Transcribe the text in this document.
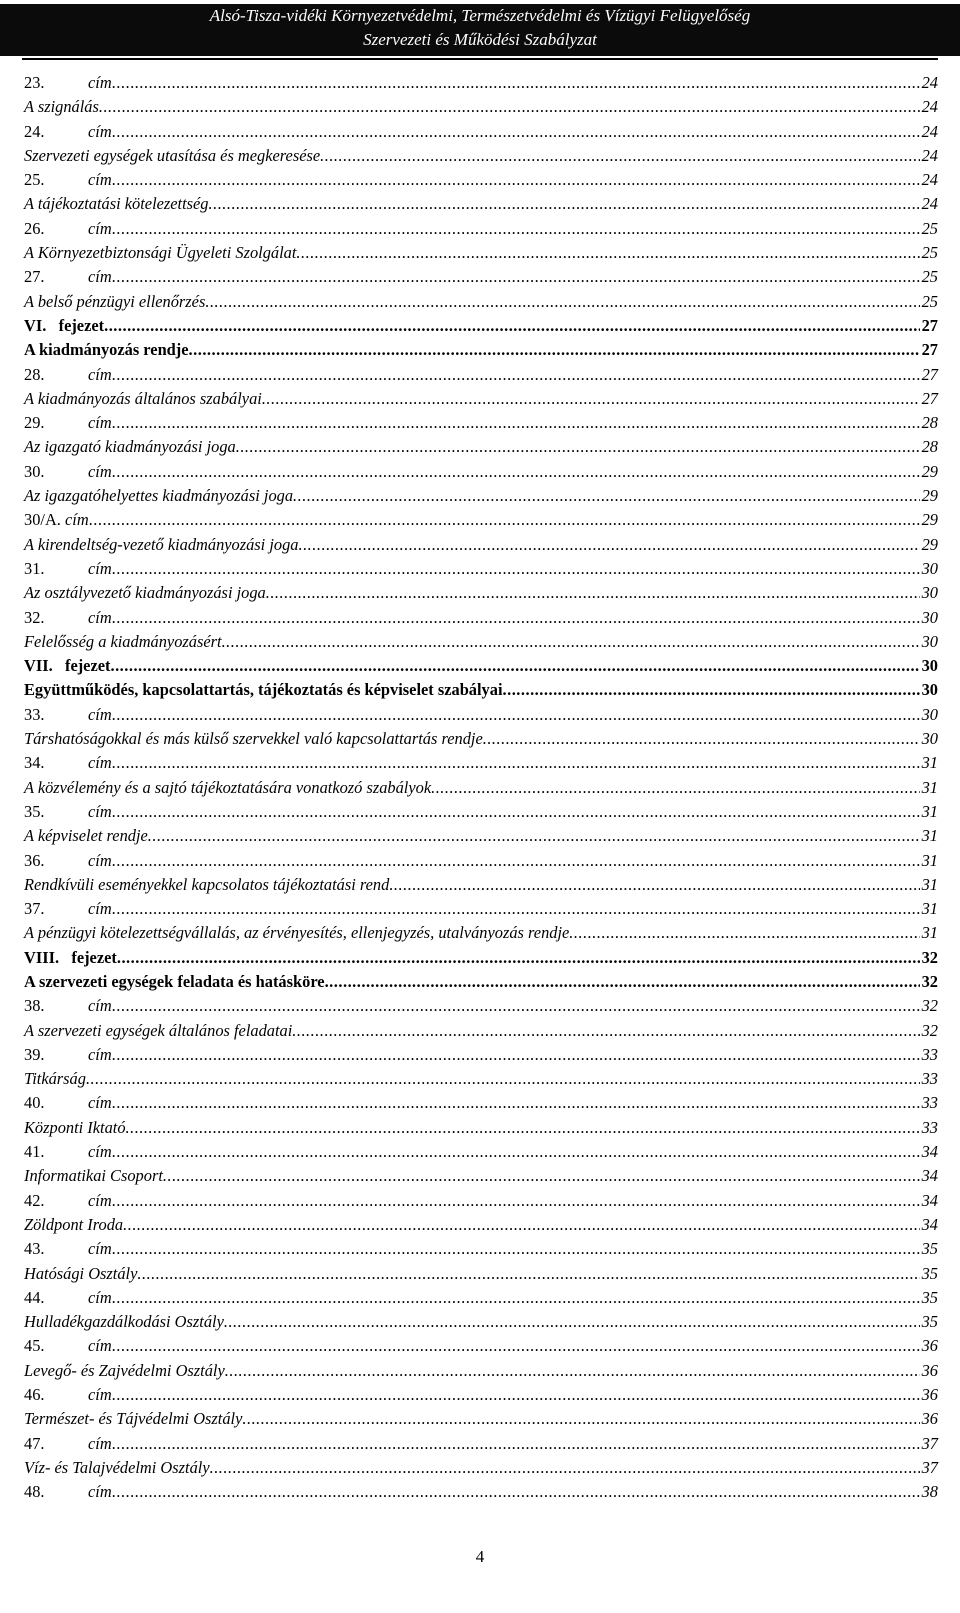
Alsó-Tisza-vidéki Környezetvédelmi, Természetvédelmi és Vízügyi Felügyelőség
Szervezeti és Működési Szabályzat
23.	cím .....	24
A szignálás .....	24
24.	cím .....	24
Szervezeti egységek utasítása és megkeresése .....	24
25.	cím .....	24
A tájékoztatási kötelezettség .....	24
26.	cím .....	25
A Környezetbiztonsági Ügyeleti Szolgálat .....	25
27.	cím .....	25
A belső pénzügyi ellenőrzés .....	25
VI.   fejezet .....	27
A kiadmányozás rendje .....	27
28.	cím .....	27
A kiadmányozás általános szabályai .....	27
29.	cím .....	28
Az igazgató kiadmányozási joga .....	28
30.	cím .....	29
Az igazgatóhelyettes kiadmányozási joga .....	29
30/A. cím .....	29
A kirendeltség-vezető kiadmányozási joga .....	29
31.	cím .....	30
Az osztályvezető kiadmányozási joga .....	30
32.	cím .....	30
Felelősség a kiadmányozásért .....	30
VII.   fejezet .....	30
Együttműködés, kapcsolattartás, tájékoztatás és képviselet szabályai .....	30
33.	cím .....	30
Társhatóságokkal és más külső szervekkel való kapcsolattartás rendje .....	30
34.	cím .....	31
A közvélemény és a sajtó tájékoztatására vonatkozó szabályok .....	31
35.	cím .....	31
A képviselet rendje .....	31
36.	cím .....	31
Rendkívüli eseményekkel kapcsolatos tájékoztatási rend .....	31
37.	cím .....	31
A pénzügyi kötelezettségvállalás, az érvényesítés, ellenjegyzés, utalványozás rendje .....	31
VIII.   fejezet .....	32
A szervezeti egységek feladata és hatásköre .....	32
38.	cím .....	32
A szervezeti egységek általános feladatai .....	32
39.	cím .....	33
Titkárság .....	33
40.	cím .....	33
Központi Iktató .....	33
41.	cím .....	34
Informatikai Csoport .....	34
42.	cím .....	34
Zöldpont Iroda .....	34
43.	cím .....	35
Hatósági Osztály .....	35
44.	cím .....	35
Hulladékgazdálkodási Osztály .....	35
45.	cím .....	36
Levegő- és Zajvédelmi Osztály .....	36
46.	cím .....	36
Természet- és Tájvédelmi Osztály .....	36
47.	cím .....	37
Víz- és Talajvédelmi Osztály .....	37
48.	cím .....	38
4
